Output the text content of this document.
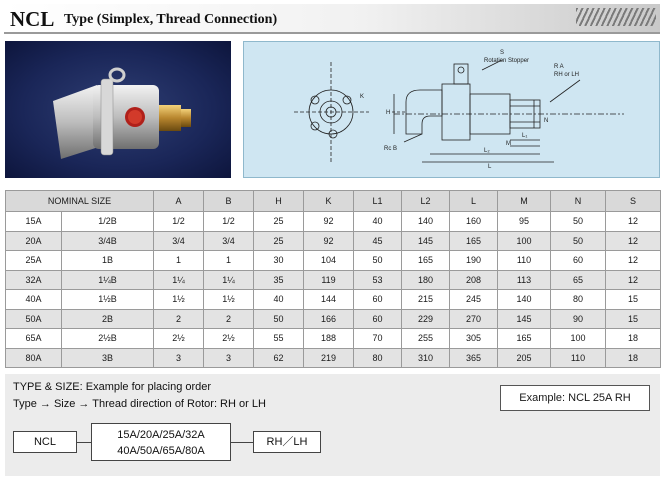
NCL Type (Simplex, Thread Connection)
S
Rotation Stopper
R A
RH or LH
H
K
Rc B
L₁
M
L₂
L
N
NOMINAL SIZE		A	B	H	K	L1	L2	L	M	N	S
15A	1/2B	1/2	1/2	25	92	40	140	160	95	50	12
20A	3/4B	3/4	3/4	25	92	45	145	165	100	50	12
25A	1B	1	1	30	104	50	165	190	110	60	12
32A	1¼B	1¼	1¼	35	119	53	180	208	113	65	12
40A	1½B	1½	1½	40	144	60	215	245	140	80	15
50A	2B	2	2	50	166	60	229	270	145	90	15
65A	2½B	2½	2½	55	188	70	255	305	165	100	18
80A	3B	3	3	62	219	80	310	365	205	110	18
TYPE & SIZE: Example for placing order
Type → Size → Thread direction of Rotor: RH or LH	Example: NCL 25A RH
NCL
15A/20A/25A/32A
40A/50A/65A/80A
RH／LH
